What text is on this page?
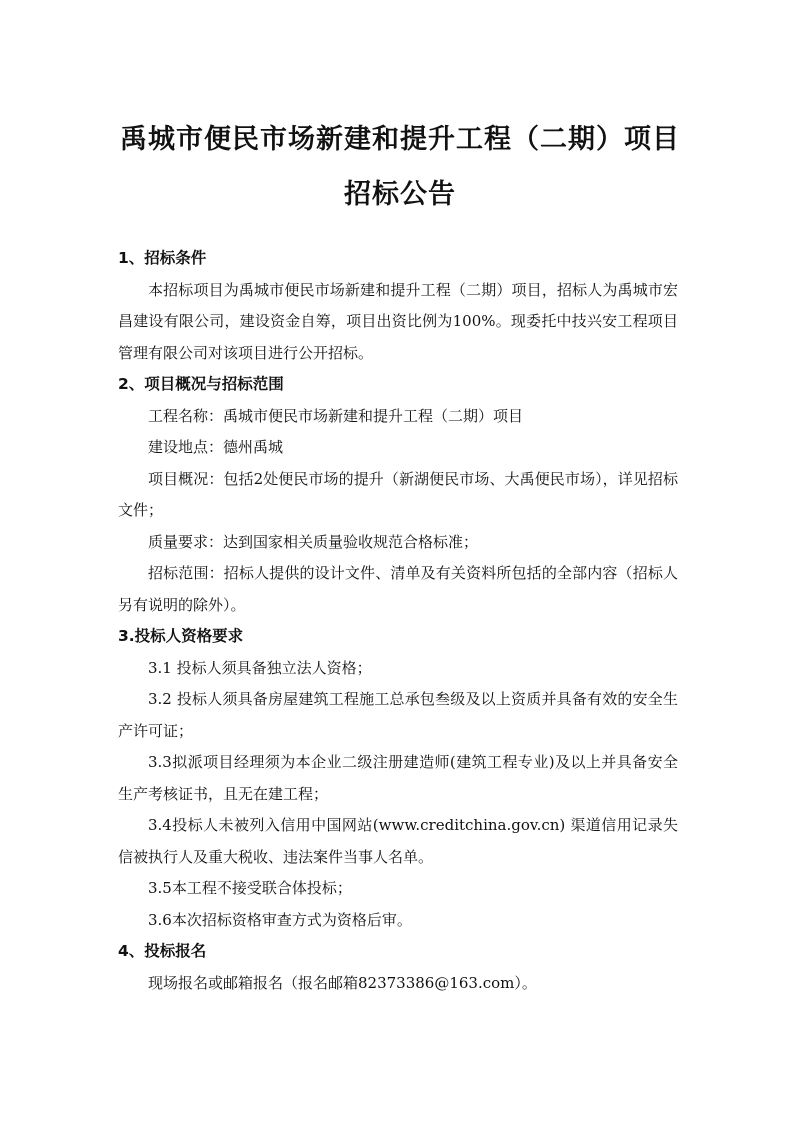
禹城市便民市场新建和提升工程（二期）项目
招标公告
1、招标条件

本招标项目为禹城市便民市场新建和提升工程（二期）项目，招标人为禹城市宏昌建设有限公司，建设资金自筹，项目出资比例为100%。现委托中技兴安工程项目管理有限公司对该项目进行公开招标。

2、项目概况与招标范围

工程名称：禹城市便民市场新建和提升工程（二期）项目

建设地点：德州禹城

项目概况：包括2处便民市场的提升（新湖便民市场、大禹便民市场），详见招标文件；

质量要求：达到国家相关质量验收规范合格标准；

招标范围：招标人提供的设计文件、清单及有关资料所包括的全部内容（招标人另有说明的除外）。

3.投标人资格要求

3.1 投标人须具备独立法人资格；

3.2 投标人须具备房屋建筑工程施工总承包叁级及以上资质并具备有效的安全生产许可证；

3.3拟派项目经理须为本企业二级注册建造师(建筑工程专业)及以上并具备安全生产考核证书，且无在建工程；

3.4投标人未被列入信用中国网站(www.creditchina.gov.cn) 渠道信用记录失信被执行人及重大税收、违法案件当事人名单。

3.5本工程不接受联合体投标；

3.6本次招标资格审查方式为资格后审。

4、投标报名

现场报名或邮箱报名（报名邮箱82373386@163.com）。
